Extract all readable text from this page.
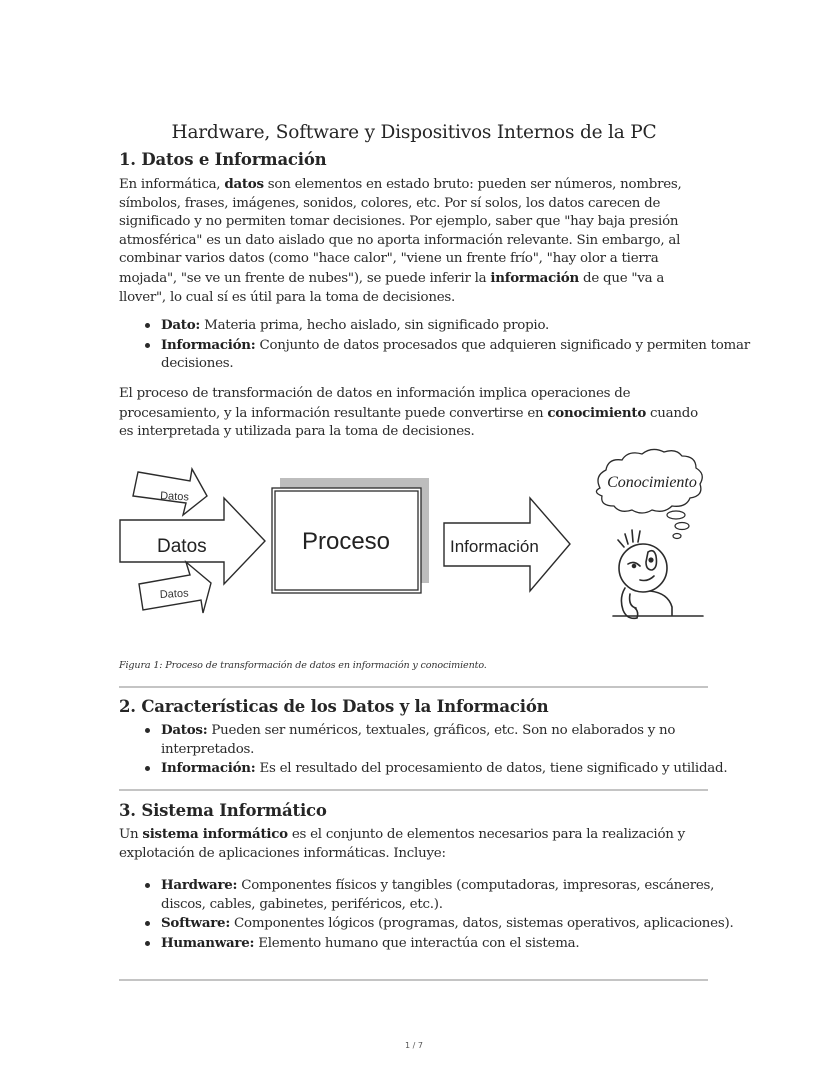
Hardware, Software y Dispositivos Internos de la PC
1. Datos e Información

En informática, datos son elementos en estado bruto: pueden ser números, nombres, símbolos, frases, imágenes, sonidos, colores, etc. Por sí solos, los datos carecen de significado y no permiten tomar decisiones. Por ejemplo, saber que "hay baja presión atmosférica" es un dato aislado que no aporta información relevante. Sin embargo, al combinar varios datos (como "hace calor", "viene un frente frío", "hay olor a tierra mojada", "se ve un frente de nubes"), se puede inferir la información de que "va a llover", lo cual sí es útil para la toma de decisiones.

Dato: Materia prima, hecho aislado, sin significado propio.
Información: Conjunto de datos procesados que adquieren significado y permiten tomar decisiones.

El proceso de transformación de datos en información implica operaciones de procesamiento, y la información resultante puede convertirse en conocimiento cuando es interpretada y utilizada para la toma de decisiones.

Datos
Datos
Datos
Proceso	Información
Conocimiento

Figura 1: Proceso de transformación de datos en información y conocimiento.

2. Características de los Datos y la Información
Datos: Pueden ser numéricos, textuales, gráficos, etc. Son no elaborados y no interpretados.
Información: Es el resultado del procesamiento de datos, tiene significado y utilidad.
3. Sistema Informático

Un sistema informático es el conjunto de elementos necesarios para la realización y explotación de aplicaciones informáticas. Incluye:

Hardware: Componentes físicos y tangibles (computadoras, impresoras, escáneres, discos, cables, gabinetes, periféricos, etc.).
Software: Componentes lógicos (programas, datos, sistemas operativos, aplicaciones).
Humanware: Elemento humano que interactúa con el sistema.
1 / 7
